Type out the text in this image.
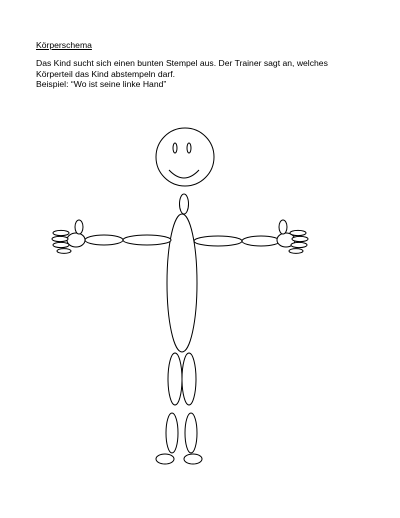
Körperschema

Das Kind sucht sich einen bunten Stempel aus. Der Trainer sagt an, welches

Körperteil das Kind abstempeln darf.

Beispiel: “Wo ist seine linke Hand”
